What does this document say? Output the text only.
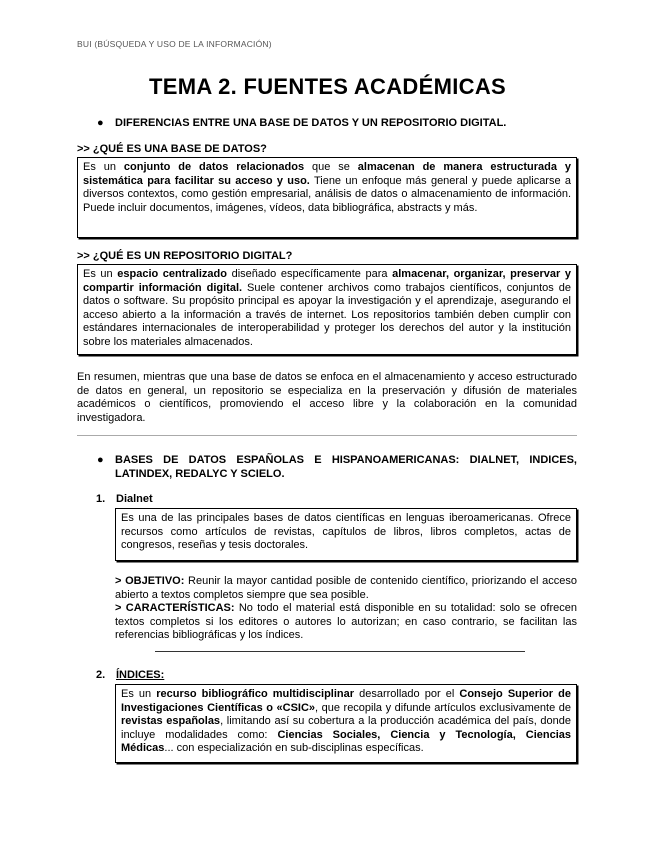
BUI (BÚSQUEDA Y USO DE LA INFORMACIÓN)
TEMA 2. FUENTES ACADÉMICAS
● DIFERENCIAS ENTRE UNA BASE DE DATOS Y UN REPOSITORIO DIGITAL.
>> ¿QUÉ ES UNA BASE DE DATOS?
Es un conjunto de datos relacionados que se almacenan de manera estructurada y sistemática para facilitar su acceso y uso. Tiene un enfoque más general y puede aplicarse a diversos contextos, como gestión empresarial, análisis de datos o almacenamiento de información. Puede incluir documentos, imágenes, vídeos, data bibliográfica, abstracts y más.
>> ¿QUÉ ES UN REPOSITORIO DIGITAL?
Es un espacio centralizado diseñado específicamente para almacenar, organizar, preservar y compartir información digital. Suele contener archivos como trabajos científicos, conjuntos de datos o software. Su propósito principal es apoyar la investigación y el aprendizaje, asegurando el acceso abierto a la información a través de internet. Los repositorios también deben cumplir con estándares internacionales de interoperabilidad y proteger los derechos del autor y la institución sobre los materiales almacenados.
En resumen, mientras que una base de datos se enfoca en el almacenamiento y acceso estructurado de datos en general, un repositorio se especializa en la preservación y difusión de materiales académicos o científicos, promoviendo el acceso libre y la colaboración en la comunidad investigadora.
● BASES DE DATOS ESPAÑOLAS E HISPANOAMERICANAS: DIALNET, INDICES, LATINDEX, REDALYC Y SCIELO.
1. Dialnet
Es una de las principales bases de datos científicas en lenguas iberoamericanas. Ofrece recursos como artículos de revistas, capítulos de libros, libros completos, actas de congresos, reseñas y tesis doctorales.
> OBJETIVO: Reunir la mayor cantidad posible de contenido científico, priorizando el acceso abierto a textos completos siempre que sea posible.
> CARACTERÍSTICAS: No todo el material está disponible en su totalidad: solo se ofrecen textos completos si los editores o autores lo autorizan; en caso contrario, se facilitan las referencias bibliográficas y los índices.
2. ÍNDICES:
Es un recurso bibliográfico multidisciplinar desarrollado por el Consejo Superior de Investigaciones Científicas o «CSIC», que recopila y difunde artículos exclusivamente de revistas españolas, limitando así su cobertura a la producción académica del país, donde incluye modalidades como: Ciencias Sociales, Ciencia y Tecnología, Ciencias Médicas... con especialización en sub-disciplinas específicas.
